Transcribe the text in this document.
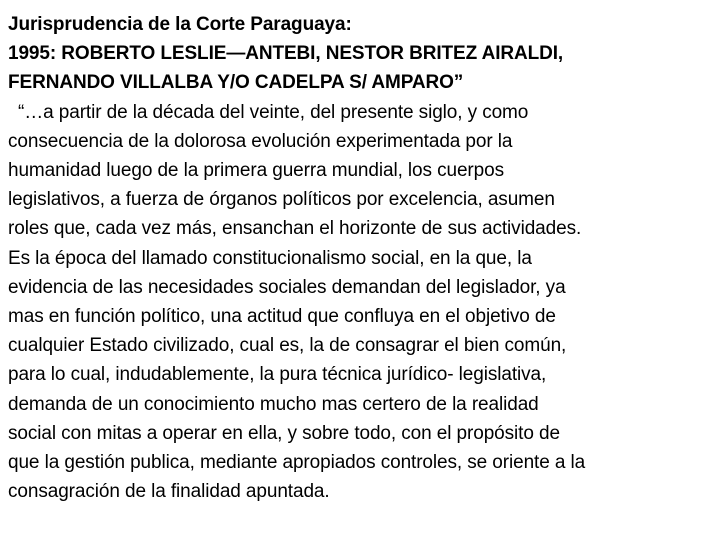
Jurisprudencia de la Corte Paraguaya:
1995: ROBERTO LESLIE—ANTEBI, NESTOR BRITEZ AIRALDI,
FERNANDO VILLALBA Y/O CADELPA S/ AMPARO”
“…a partir de la década del veinte, del presente siglo, y como
consecuencia de la dolorosa evolución experimentada por la
humanidad luego de la primera guerra mundial, los cuerpos
legislativos, a fuerza de órganos políticos por excelencia, asumen
roles que, cada vez más, ensanchan el horizonte de sus actividades.
Es la época del llamado constitucionalismo social, en la que, la
evidencia de las necesidades sociales demandan del legislador, ya
mas en función político, una actitud que confluya en el objetivo de
cualquier Estado civilizado, cual es, la de consagrar el bien común,
para lo cual, indudablemente, la pura técnica jurídico- legislativa,
demanda de un conocimiento mucho mas certero de la realidad
social con mitas a operar en ella, y sobre todo, con el propósito de
que la gestión publica, mediante apropiados controles, se oriente a la
consagración de la finalidad apuntada.
